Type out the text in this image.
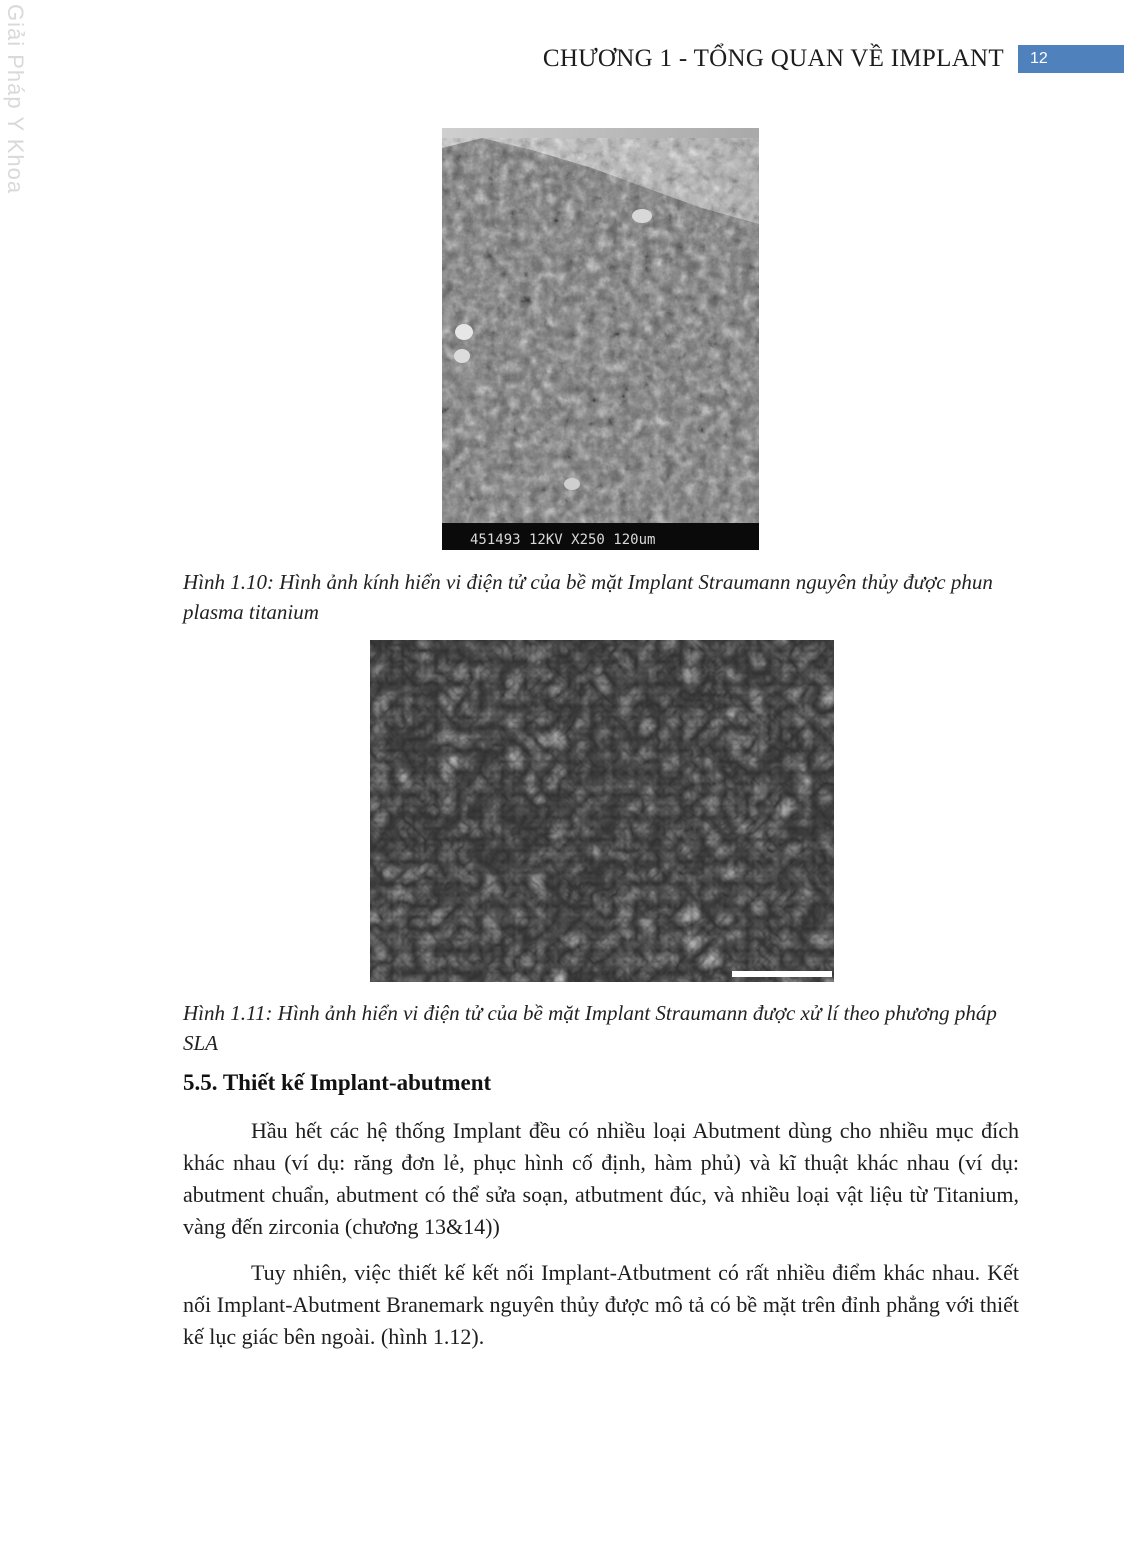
Giải Pháp Y Khoa	CHƯƠNG 1 - TỔNG QUAN VỀ IMPLANT	12
451493 12KV X250 120um
Hình 1.10: Hình ảnh kính hiển vi điện tử của bề mặt Implant Straumann nguyên thủy được phun plasma titanium
Hình 1.11: Hình ảnh hiển vi điện tử của bề mặt Implant Straumann được xử lí theo phương pháp SLA
5.5. Thiết kế Implant-abutment

Hầu hết các hệ thống Implant đều có nhiều loại Abutment dùng cho nhiều mục đích khác nhau (ví dụ: răng đơn lẻ, phục hình cố định, hàm phủ) và kĩ thuật khác nhau (ví dụ: abutment chuẩn, abutment có thể sửa soạn, atbutment đúc, và nhiều loại vật liệu từ Titanium, vàng đến zirconia (chương 13&14))

Tuy nhiên, việc thiết kế kết nối Implant-Atbutment có rất nhiều điểm khác nhau. Kết nối Implant-Abutment Branemark nguyên thủy được mô tả có bề mặt trên đỉnh phẳng với thiết kế lục giác bên ngoài. (hình 1.12).
